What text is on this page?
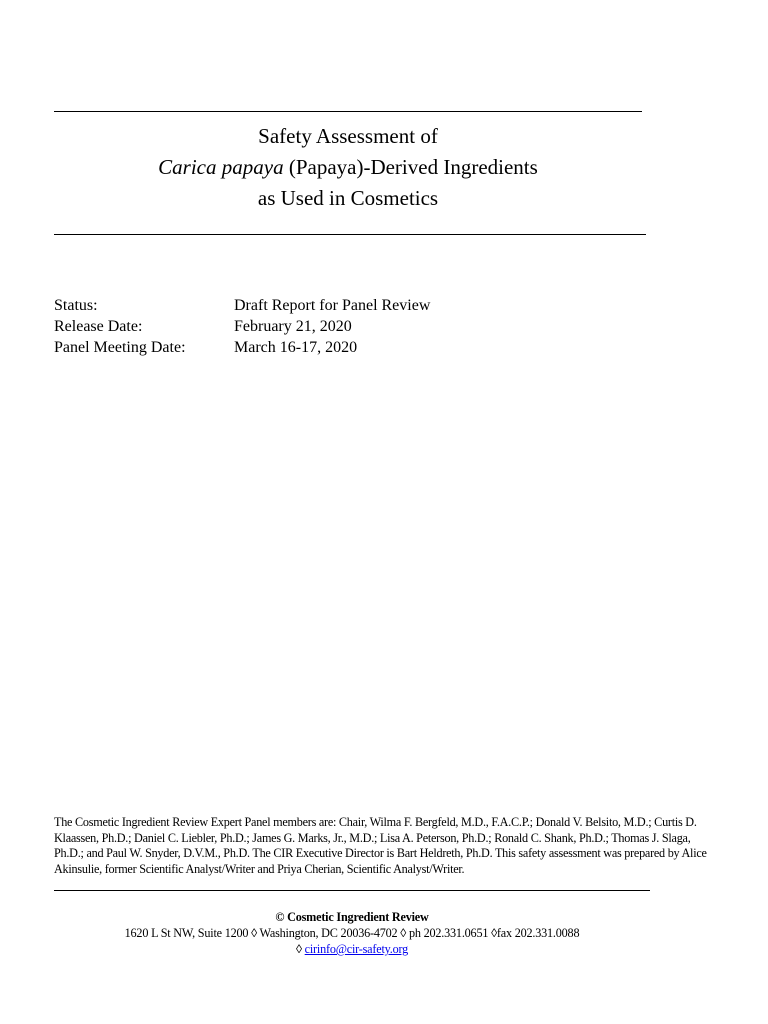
Safety Assessment of
Carica papaya (Papaya)-Derived Ingredients
as Used in Cosmetics
Status:	Draft Report for Panel Review
Release Date:	February 21, 2020
Panel Meeting Date:	March 16-17, 2020
The Cosmetic Ingredient Review Expert Panel members are: Chair, Wilma F. Bergfeld, M.D., F.A.C.P.; Donald V. Belsito, M.D.; Curtis D. Klaassen, Ph.D.; Daniel C. Liebler, Ph.D.; James G. Marks, Jr., M.D.; Lisa A. Peterson, Ph.D.; Ronald C. Shank, Ph.D.; Thomas J. Slaga, Ph.D.; and Paul W. Snyder, D.V.M., Ph.D. The CIR Executive Director is Bart Heldreth, Ph.D. This safety assessment was prepared by Alice Akinsulie, former Scientific Analyst/Writer and Priya Cherian, Scientific Analyst/Writer.
© Cosmetic Ingredient Review
1620 L St NW, Suite 1200 ◊ Washington, DC 20036-4702 ◊ ph 202.331.0651 ◊fax 202.331.0088
◊ cirinfo@cir-safety.org
